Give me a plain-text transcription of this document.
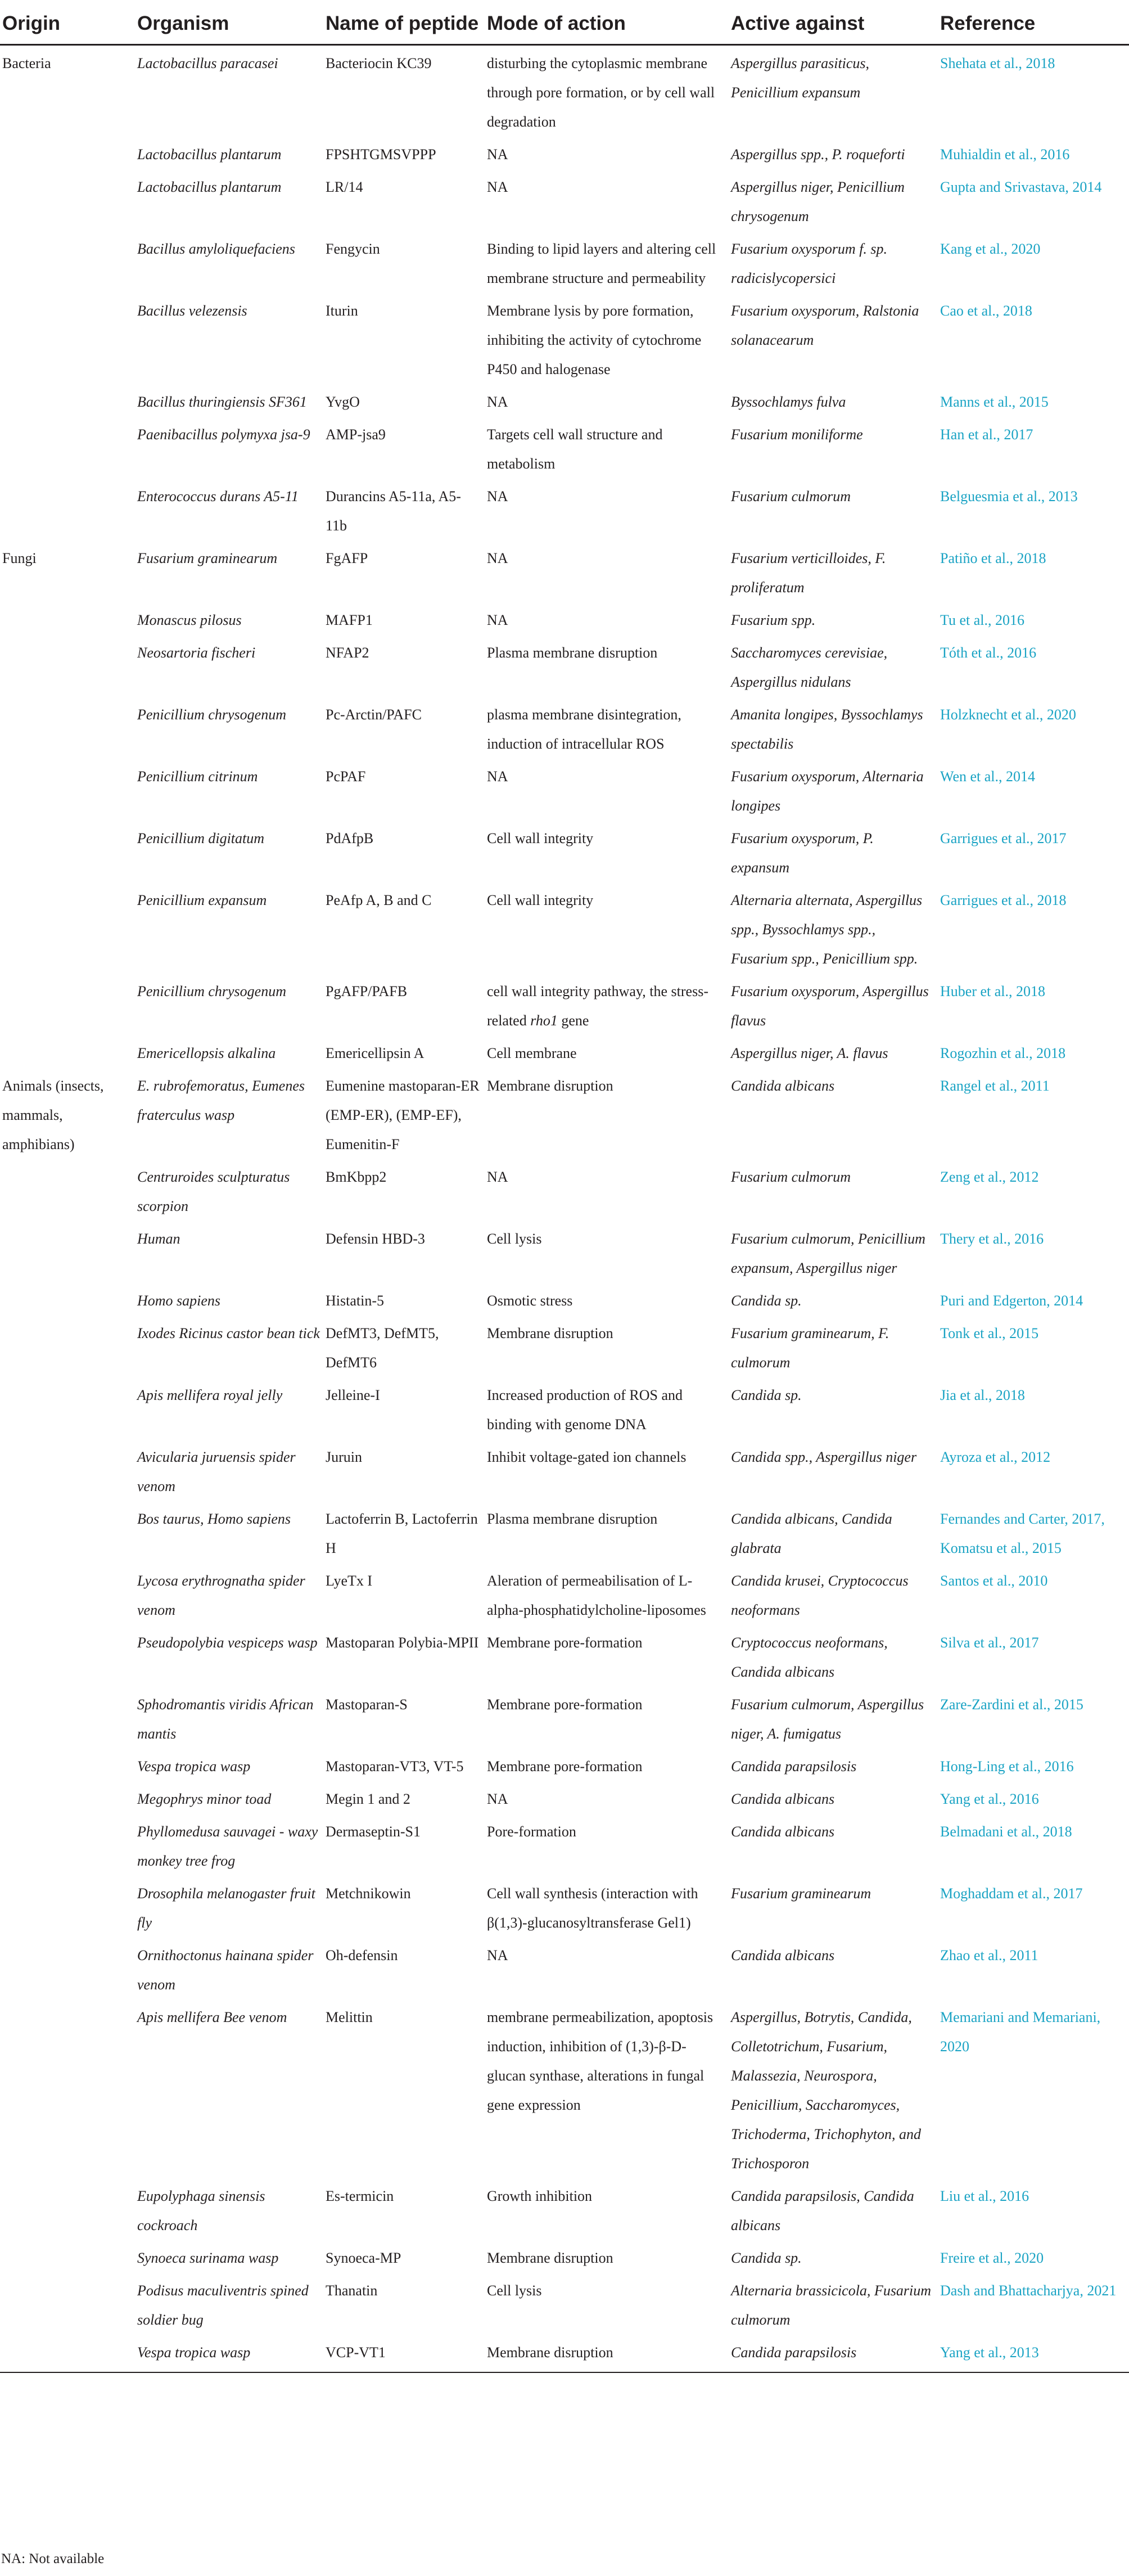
Origin	Organism	Name of peptide	Mode of action	Active against	Reference
Bacteria	Lactobacillus paracasei	Bacteriocin KC39	disturbing the cytoplasmic membrane through pore formation, or by cell wall degradation	Aspergillus parasiticus, Penicillium expansum	Shehata et al., 2018
	Lactobacillus plantarum	FPSHTGMSVPPP	NA	Aspergillus spp., P. roqueforti	Muhialdin et al., 2016
	Lactobacillus plantarum	LR/14	NA	Aspergillus niger, Penicillium chrysogenum	Gupta and Srivastava, 2014
	Bacillus amyloliquefaciens	Fengycin	Binding to lipid layers and altering cell membrane structure and permeability	Fusarium oxysporum f. sp. radicislycopersici	Kang et al., 2020
	Bacillus velezensis	Iturin	Membrane lysis by pore formation, inhibiting the activity of cytochrome P450 and halogenase	Fusarium oxysporum, Ralstonia solanacearum	Cao et al., 2018
	Bacillus thuringiensis SF361	YvgO	NA	Byssochlamys fulva	Manns et al., 2015
	Paenibacillus polymyxa jsa-9	AMP-jsa9	Targets cell wall structure and metabolism	Fusarium moniliforme	Han et al., 2017
	Enterococcus durans A5-11	Durancins A5-11a, A5-11b	NA	Fusarium culmorum	Belguesmia et al., 2013
Fungi	Fusarium graminearum	FgAFP	NA	Fusarium verticilloides, F. proliferatum	Patiño et al., 2018
	Monascus pilosus	MAFP1	NA	Fusarium spp.	Tu et al., 2016
	Neosartoria fischeri	NFAP2	Plasma membrane disruption	Saccharomyces cerevisiae, Aspergillus nidulans	Tóth et al., 2016
	Penicillium chrysogenum	Pc-Arctin/PAFC	plasma membrane disintegration, induction of intracellular ROS	Amanita longipes, Byssochlamys spectabilis	Holzknecht et al., 2020
	Penicillium citrinum	PcPAF	NA	Fusarium oxysporum, Alternaria longipes	Wen et al., 2014
	Penicillium digitatum	PdAfpB	Cell wall integrity	Fusarium oxysporum, P. expansum	Garrigues et al., 2017
	Penicillium expansum	PeAfp A, B and C	Cell wall integrity	Alternaria alternata, Aspergillus spp., Byssochlamys spp., Fusarium spp., Penicillium spp.	Garrigues et al., 2018
	Penicillium chrysogenum	PgAFP/PAFB	cell wall integrity pathway, the stress-related rho1 gene	Fusarium oxysporum, Aspergillus flavus	Huber et al., 2018
	Emericellopsis alkalina	Emericellipsin A	Cell membrane	Aspergillus niger, A. flavus	Rogozhin et al., 2018
Animals (insects, mammals, amphibians)	E. rubrofemoratus, Eumenes fraterculus wasp	Eumenine mastoparan-ER (EMP-ER), (EMP-EF), Eumenitin-F	Membrane disruption	Candida albicans	Rangel et al., 2011
	Centruroides sculpturatus scorpion	BmKbpp2	NA	Fusarium culmorum	Zeng et al., 2012
	Human	Defensin HBD-3	Cell lysis	Fusarium culmorum, Penicillium expansum, Aspergillus niger	Thery et al., 2016
	Homo sapiens	Histatin-5	Osmotic stress	Candida sp.	Puri and Edgerton, 2014
	Ixodes Ricinus castor bean tick	DefMT3, DefMT5, DefMT6	Membrane disruption	Fusarium graminearum, F. culmorum	Tonk et al., 2015
	Apis mellifera royal jelly	Jelleine-I	Increased production of ROS and binding with genome DNA	Candida sp.	Jia et al., 2018
	Avicularia juruensis spider venom	Juruin	Inhibit voltage-gated ion channels	Candida spp., Aspergillus niger	Ayroza et al., 2012
	Bos taurus, Homo sapiens	Lactoferrin B, Lactoferrin H	Plasma membrane disruption	Candida albicans, Candida glabrata	Fernandes and Carter, 2017, Komatsu et al., 2015
	Lycosa erythrognatha spider venom	LyeTx I	Aleration of permeabilisation of L-alpha-phosphatidylcholine-liposomes	Candida krusei, Cryptococcus neoformans	Santos et al., 2010
	Pseudopolybia vespiceps wasp	Mastoparan Polybia-MPII	Membrane pore-formation	Cryptococcus neoformans, Candida albicans	Silva et al., 2017
	Sphodromantis viridis African mantis	Mastoparan-S	Membrane pore-formation	Fusarium culmorum, Aspergillus niger, A. fumigatus	Zare-Zardini et al., 2015
	Vespa tropica wasp	Mastoparan-VT3, VT-5	Membrane pore-formation	Candida parapsilosis	Hong-Ling et al., 2016
	Megophrys minor toad	Megin 1 and 2	NA	Candida albicans	Yang et al., 2016
	Phyllomedusa sauvagei - waxy monkey tree frog	Dermaseptin-S1	Pore-formation	Candida albicans	Belmadani et al., 2018
	Drosophila melanogaster fruit fly	Metchnikowin	Cell wall synthesis (interaction with β(1,3)-glucanosyltransferase Gel1)	Fusarium graminearum	Moghaddam et al., 2017
	Ornithoctonus hainana spider venom	Oh-defensin	NA	Candida albicans	Zhao et al., 2011
	Apis mellifera Bee venom	Melittin	membrane permeabilization, apoptosis induction, inhibition of (1,3)-β-D-glucan synthase, alterations in fungal gene expression	Aspergillus, Botrytis, Candida, Colletotrichum, Fusarium, Malassezia, Neurospora, Penicillium, Saccharomyces, Trichoderma, Trichophyton, and Trichosporon	Memariani and Memariani, 2020
	Eupolyphaga sinensis cockroach	Es-termicin	Growth inhibition	Candida parapsilosis, Candida albicans	Liu et al., 2016
	Synoeca surinama wasp	Synoeca-MP	Membrane disruption	Candida sp.	Freire et al., 2020
	Podisus maculiventris spined soldier bug	Thanatin	Cell lysis	Alternaria brassicicola, Fusarium culmorum	Dash and Bhattacharjya, 2021
	Vespa tropica wasp	VCP-VT1	Membrane disruption	Candida parapsilosis	Yang et al., 2013
NA: Not available
